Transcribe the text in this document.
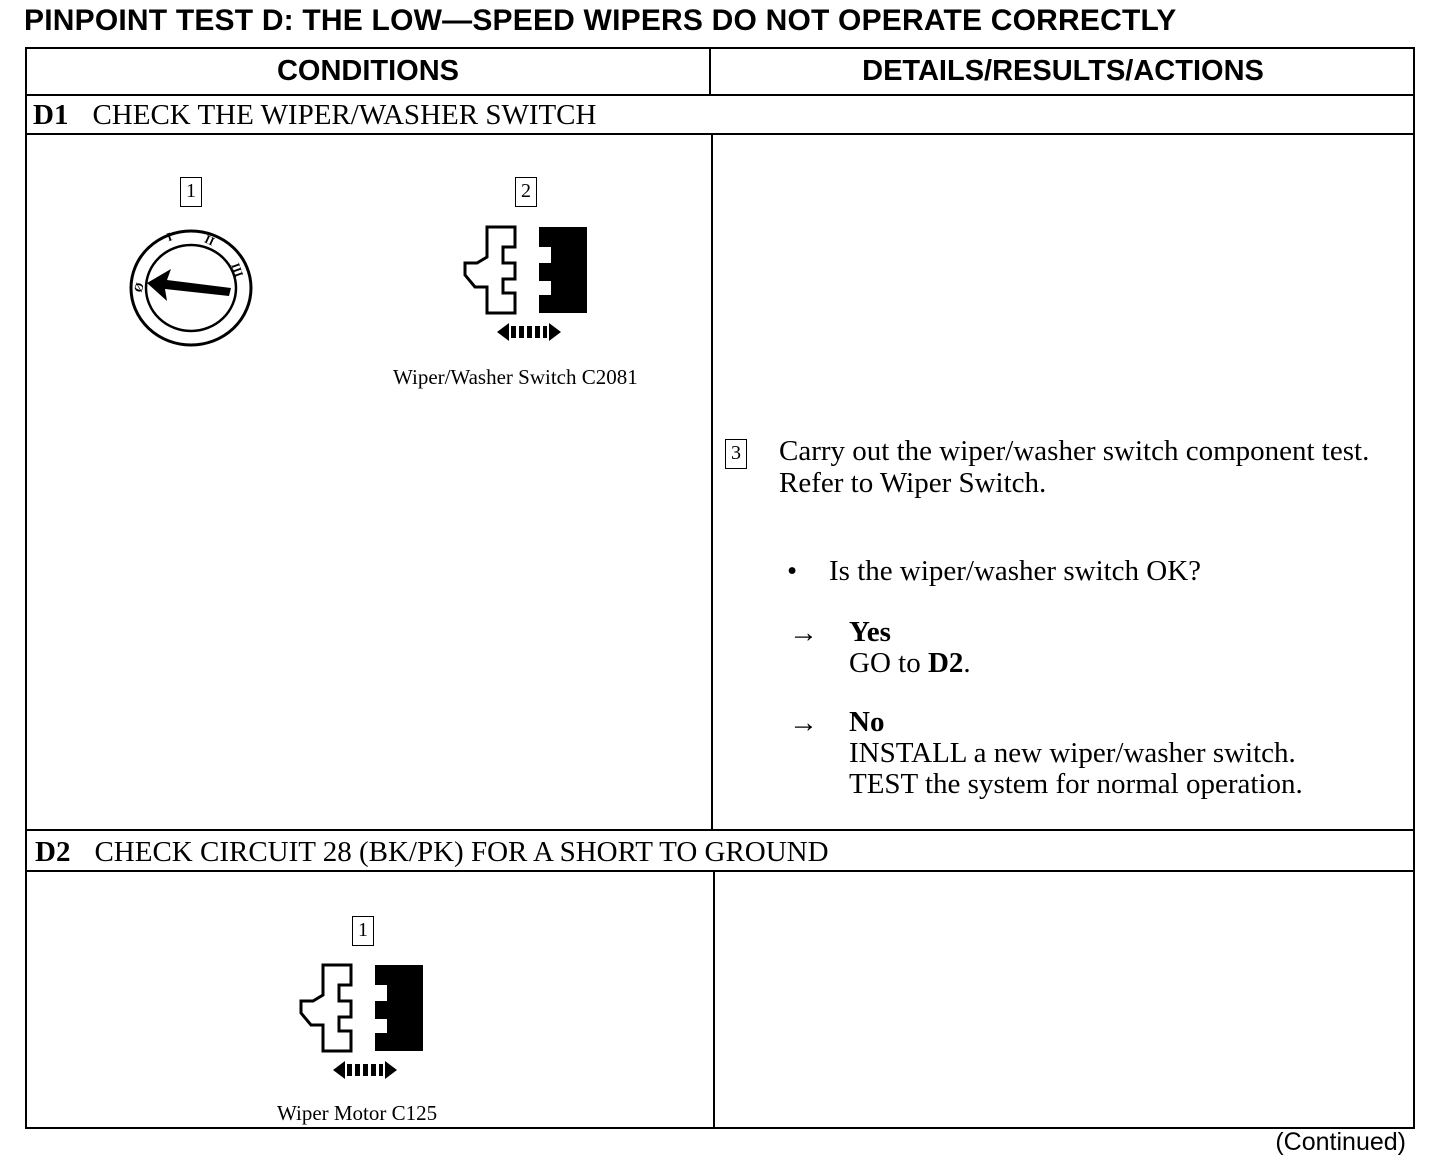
PINPOINT TEST D: THE LOW—SPEED WIPERS DO NOT OPERATE CORRECTLY
CONDITIONS	DETAILS/RESULTS/ACTIONS
D1 CHECK THE WIPER/WASHER SWITCH
1
Ø
I II
III
2
Wiper/Washer Switch C2081
3 Carry out the wiper/washer switch component test. Refer to Wiper Switch.
• Is the wiper/washer switch OK?
→	Yes
GO to D2.
→	No
INSTALL a new wiper/washer switch.
TEST the system for normal operation.
D2 CHECK CIRCUIT 28 (BK/PK) FOR A SHORT TO GROUND
1
Wiper Motor C125
(Continued)
